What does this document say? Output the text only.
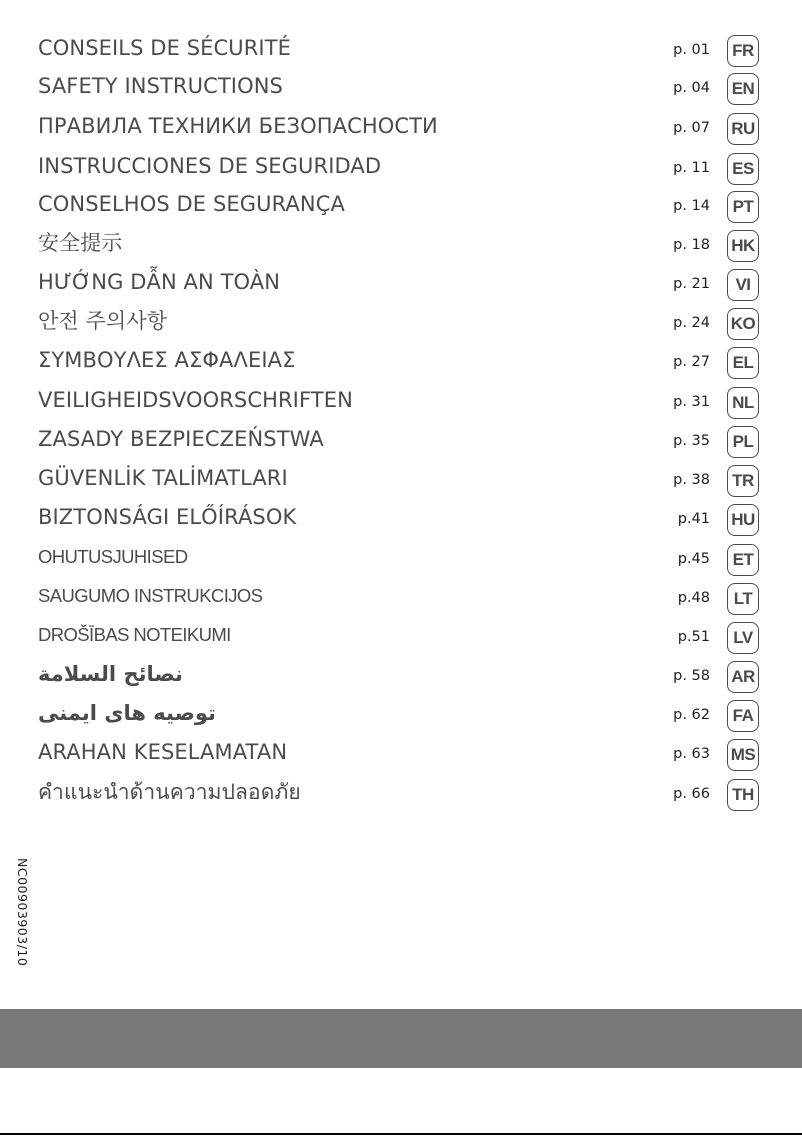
CONSEILS DE SÉCURITÉ	p. 01	FR
SAFETY INSTRUCTIONS	p. 04 EN
ПРАВИЛА ТЕХНИКИ БЕЗОПАСНОСТИ	p. 07 RU
INSTRUCCIONES DE SEGURIDAD	p. 11	ES
CONSELHOS DE SEGURANÇA	p. 14	PT
安全提示	p. 18 HK
HƯỚNG DẪN AN TOÀN	p. 21	VI
안전 주의사항	p. 24 KO
ΣΥΜΒΟΥΛΕΣ ΑΣΦΑΛΕΙΑΣ	p. 27	EL
VEILIGHEIDSVOORSCHRIFTEN	p. 31	NL
ZASADY BEZPIECZEŃSTWA	p. 35	PL
GÜVENLİK TALİMATLARI	p. 38	TR
BIZTONSÁGI ELŐÍRÁSOK	p.41 HU
OHUTUSJUHISED	p.45	ET
SAUGUMO INSTRUKCIJOS	p.48	LT
DROŠĪBAS NOTEIKUMI	p.51	LV
نصائح السلامة	p. 58 AR
توصیه های ایمنی	p. 62	FA
ARAHAN KESELAMATAN	p. 63 MS
คำแนะนำด้านความปลอดภัย	p. 66	TH
NC00903903/10
